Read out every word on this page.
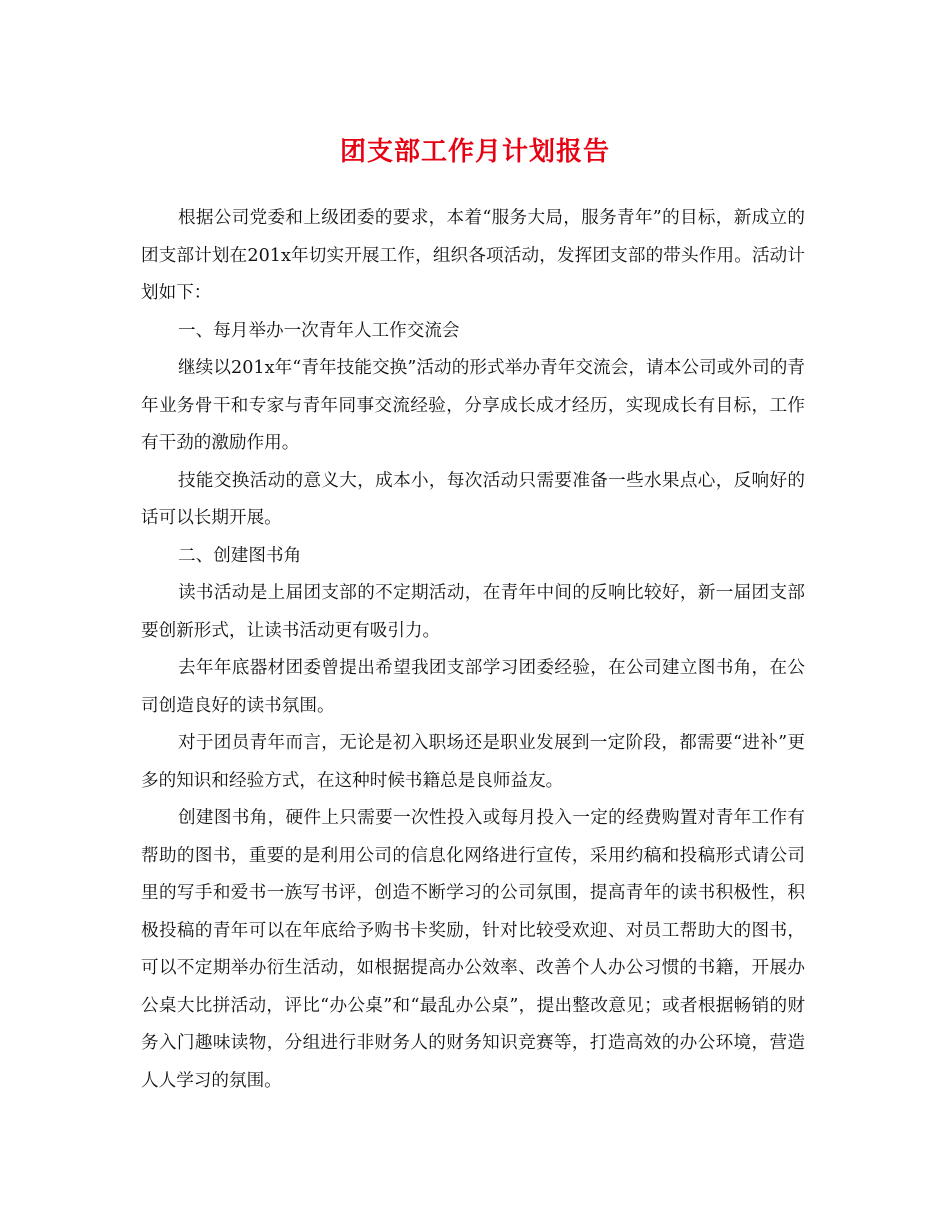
团支部工作月计划报告

根据公司党委和上级团委的要求，本着“服务大局，服务青年”的目标，新成立的团支部计划在201x年切实开展工作，组织各项活动，发挥团支部的带头作用。活动计划如下：

一、每月举办一次青年人工作交流会

继续以201x年“青年技能交换”活动的形式举办青年交流会，请本公司或外司的青年业务骨干和专家与青年同事交流经验，分享成长成才经历，实现成长有目标，工作有干劲的激励作用。

技能交换活动的意义大，成本小，每次活动只需要准备一些水果点心，反响好的话可以长期开展。

二、创建图书角

读书活动是上届团支部的不定期活动，在青年中间的反响比较好，新一届团支部要创新形式，让读书活动更有吸引力。

去年年底器材团委曾提出希望我团支部学习团委经验，在公司建立图书角，在公司创造良好的读书氛围。

对于团员青年而言，无论是初入职场还是职业发展到一定阶段，都需要“进补”更多的知识和经验方式，在这种时候书籍总是良师益友。

创建图书角，硬件上只需要一次性投入或每月投入一定的经费购置对青年工作有帮助的图书，重要的是利用公司的信息化网络进行宣传，采用约稿和投稿形式请公司里的写手和爱书一族写书评，创造不断学习的公司氛围，提高青年的读书积极性，积极投稿的青年可以在年底给予购书卡奖励，针对比较受欢迎、对员工帮助大的图书，可以不定期举办衍生活动，如根据提高办公效率、改善个人办公习惯的书籍，开展办公桌大比拼活动，评比“办公桌”和“最乱办公桌”，提出整改意见；或者根据畅销的财务入门趣味读物，分组进行非财务人的财务知识竞赛等，打造高效的办公环境，营造人人学习的氛围。
